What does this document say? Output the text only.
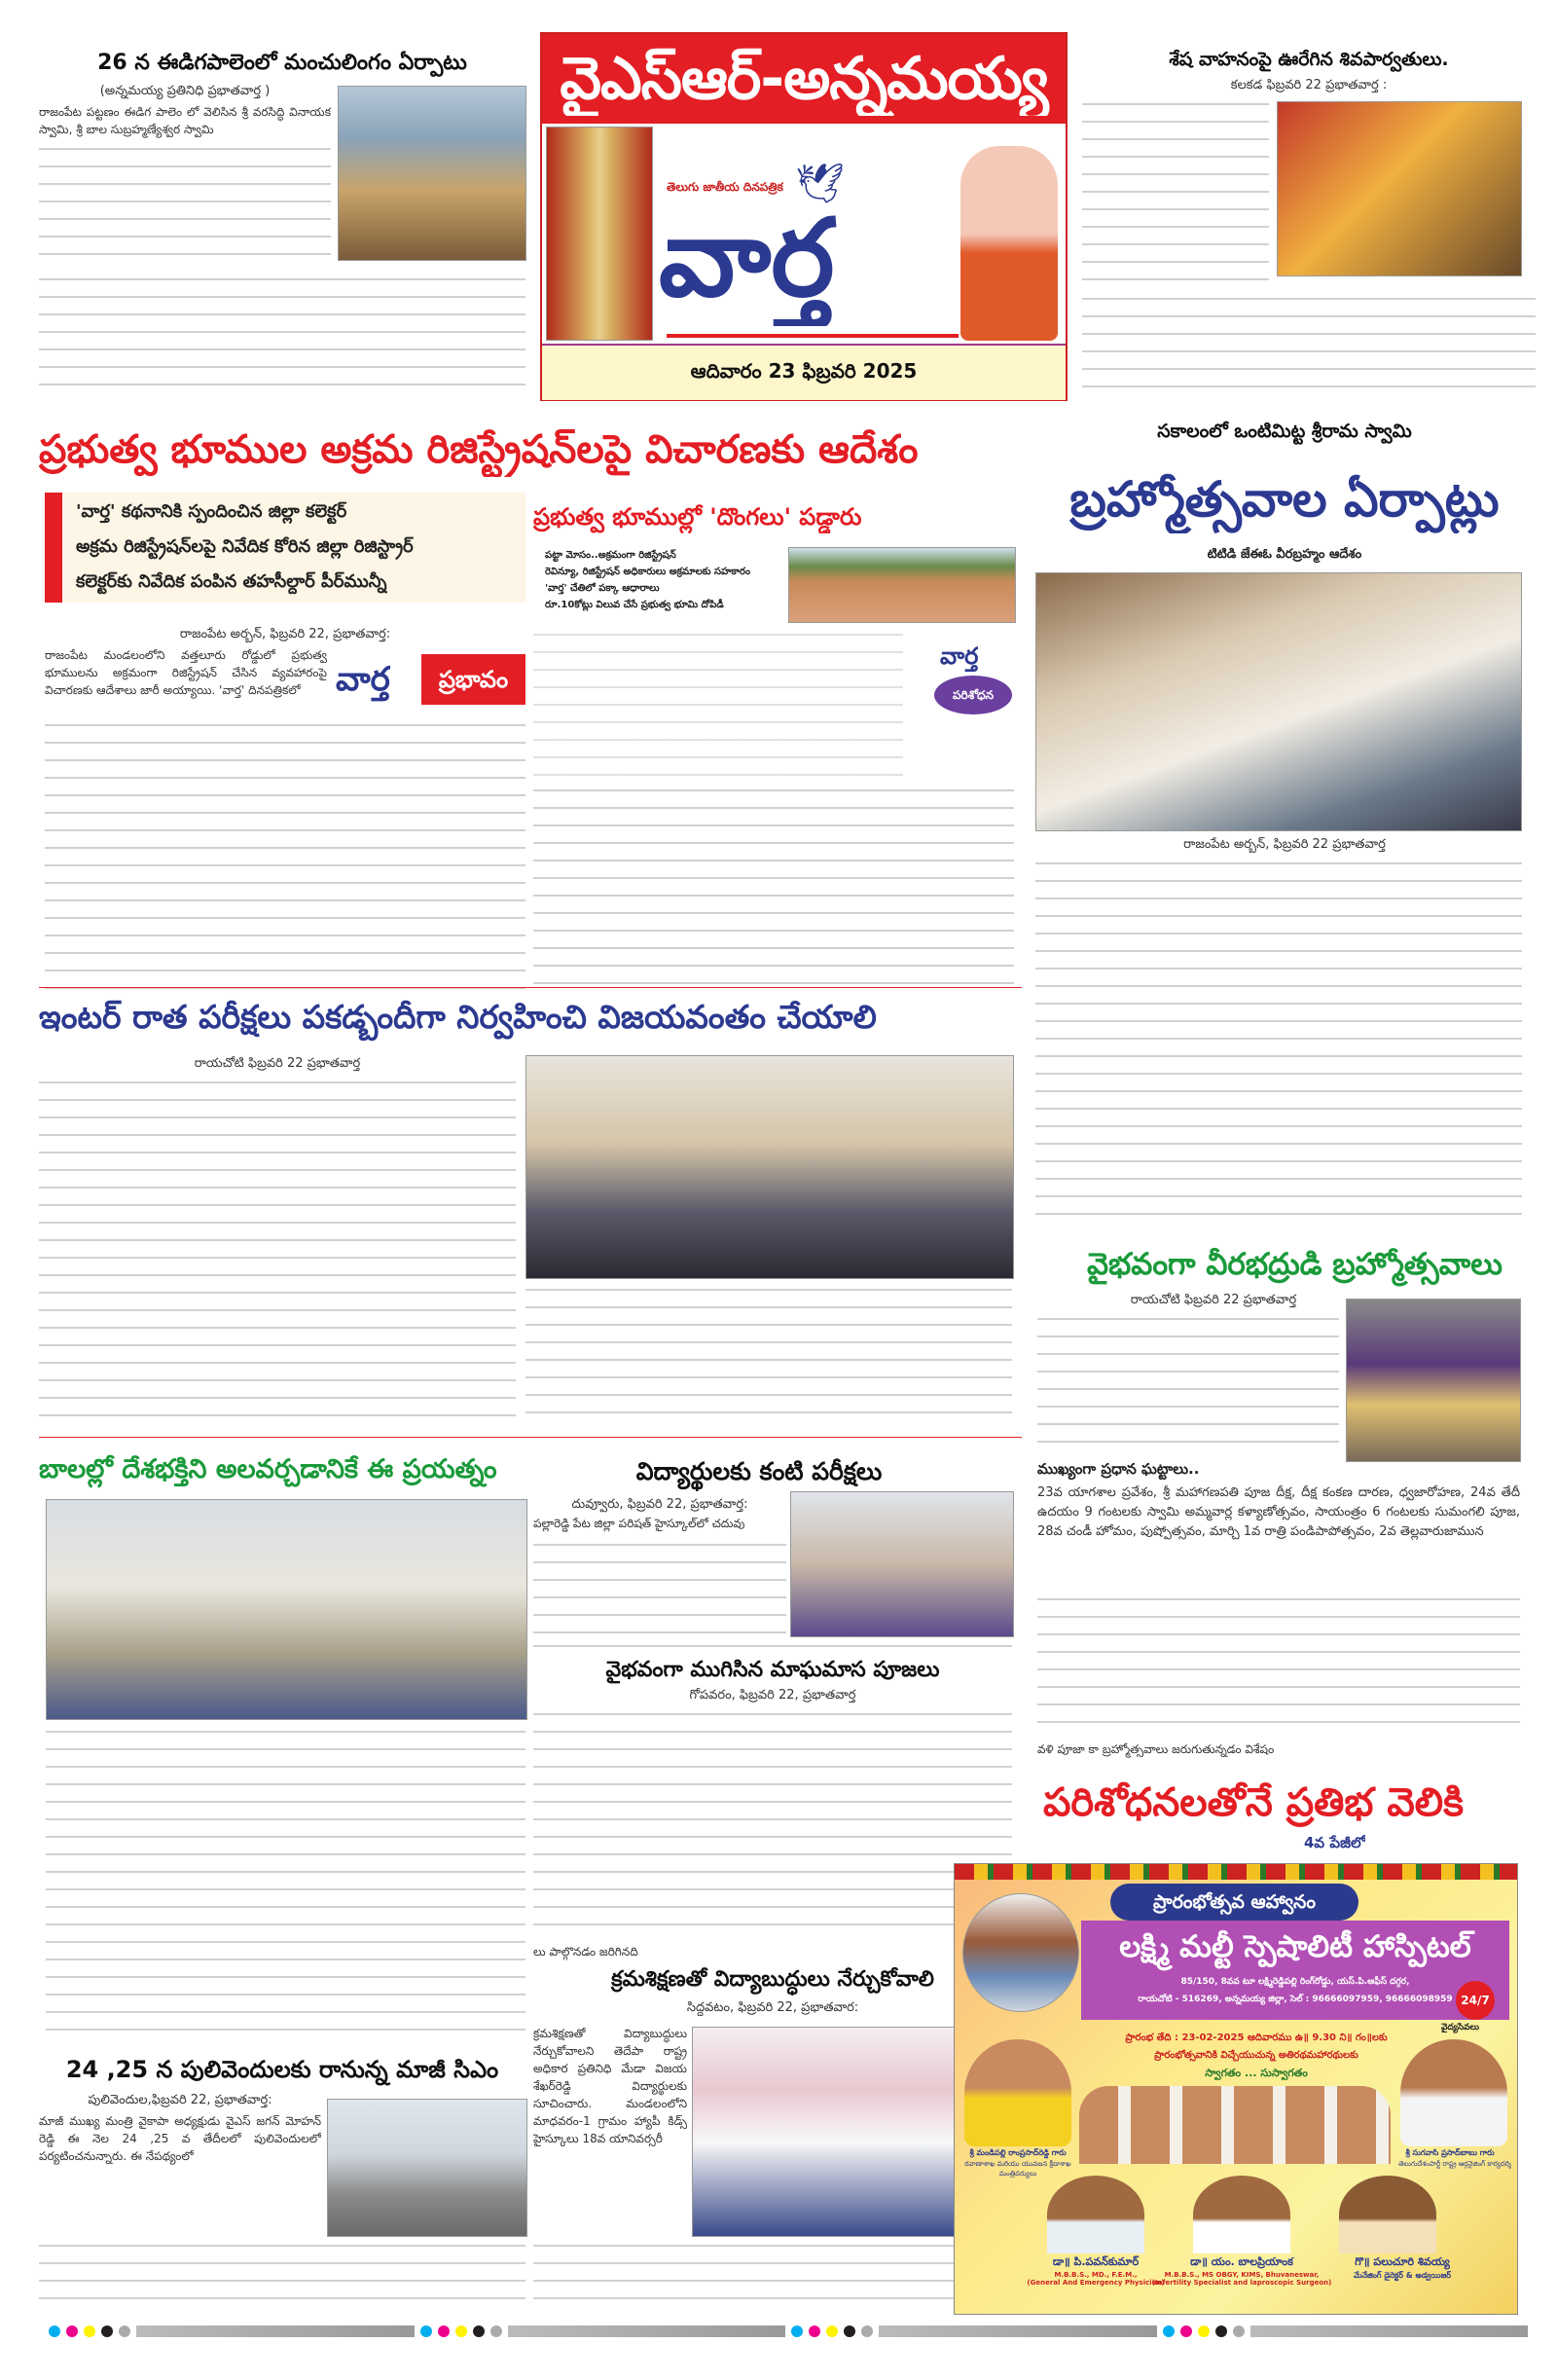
26 న ఈడిగపాలెంలో మంచులింగం ఏర్పాటు
(అన్నమయ్య ప్రతినిధి ప్రభాతవార్త )
రాజంపేట పట్టణం ఈడిగ పాలెం లో వెలిసిన శ్రీ వరసిద్ధి వినాయక స్వామి, శ్రీ బాల సుబ్రహ్మణ్యేశ్వర స్వామి
వైఎస్ఆర్-అన్నమయ్య
తెలుగు జాతీయ దినపత్రిక 🕊
వార్త
ఆదివారం 23 ఫిబ్రవరి 2025
శేష వాహనంపై ఊరేగిన శివపార్వతులు.
కలకడ ఫిబ్రవరి 22 ప్రభాతవార్త :
ప్రభుత్వ భూముల అక్రమ రిజిస్ట్రేషన్‌లపై విచారణకు ఆదేశం
'వార్త' కథనానికి స్పందించిన జిల్లా కలెక్టర్
అక్రమ రిజిస్ట్రేషన్‌లపై నివేదిక కోరిన జిల్లా రిజిస్ట్రార్
కలెక్టర్‌కు నివేదిక పంపిన తహసీల్దార్ పీర్‌మున్నీ
రాజంపేట అర్బన్, ఫిబ్రవరి 22, ప్రభాతవార్త:
రాజంపేట మండలంలోని వత్తలూరు రోడ్డులో ప్రభుత్వ భూములను అక్రమంగా రిజిస్ట్రేషన్ చేసిన వ్యవహారంపై విచారణకు ఆదేశాలు జారీ అయ్యాయి. 'వార్త' దినపత్రికలో	వార్త	ప్రభావం
ప్రభుత్వ భూముల్లో 'దొంగలు' పడ్డారు
పట్టా మోసం..అక్రమంగా రిజిస్ట్రేషన్
రెవిన్యూ, రిజిస్ట్రేషన్ అధికారులు అక్రమాలకు సహకారం
'వార్త' చేతిలో పక్కా ఆధారాలు
రూ.10కోట్లు విలువ చేసే ప్రభుత్వ భూమి దోపిడీ
వార్త
పరిశోధన
సకాలంలో ఒంటిమిట్ట శ్రీరామ స్వామి
బ్రహ్మోత్సవాల ఏర్పాట్లు
టిటిడి జేఈఓ వీరబ్రహ్మం ఆదేశం
రాజంపేట అర్బన్, ఫిబ్రవరి 22 ప్రభాతవార్త
ఇంటర్ రాత పరీక్షలు పకడ్బందీగా నిర్వహించి విజయవంతం చేయాలి
రాయచోటి ఫిబ్రవరి 22 ప్రభాతవార్త
వైభవంగా వీరభద్రుడి బ్రహ్మోత్సవాలు
రాయచోటి ఫిబ్రవరి 22 ప్రభాతవార్త
ముఖ్యంగా ప్రధాన ఘట్టాలు..
23వ యాగశాల ప్రవేశం, శ్రీ మహాగణపతి పూజ దీక్ష, దీక్ష కంకణ దారణ, ధ్వజారోహణ, 24వ తేదీ ఉదయం 9 గంటలకు స్వామి అమ్మవార్ల కళ్యాణోత్సవం, సాయంత్రం 6 గంటలకు సుమంగలి పూజ, 28వ చండీ హోమం, పుష్పోత్సవం, మార్చి 1వ రాత్రి పండిపాపోత్సవం, 2వ తెల్లవారుజామున
వళి పూజా కా బ్రహ్మోత్సవాలు జరుగుతున్నడం విశేషం
బాలల్లో దేశభక్తిని అలవర్చడానికే ఈ ప్రయత్నం	విద్యార్థులకు కంటి పరీక్షలు
దువ్వూరు, ఫిబ్రవరి 22, ప్రభాతవార్త:
పల్లారెడ్డి పేట జిల్లా పరిషత్ హైస్కూల్‌లో చదువు
వైభవంగా ముగిసిన మాఘమాస పూజలు
గోపవరం, ఫిబ్రవరి 22, ప్రభాతవార్త
లు పాల్గొనడం జరిగినది
క్రమశిక్షణతో విద్యాబుద్ధులు నేర్చుకోవాలి
సిద్దవటం, ఫిబ్రవరి 22, ప్రభాతవార:
క్రమశిక్షణతో విద్యాబుద్ధులు నేర్చుకోవాలని తెదేపా రాష్ట్ర అధికార ప్రతినిధి మేడా విజయ శేఖర్‌రెడ్డి విద్యార్థులకు సూచించారు. మండలంలోని మాధవరం-1 గ్రామం హ్యాపీ కిడ్స్ హైస్కూలు 18వ యానివర్సరీ
24 ,25 న పులివెందులకు రానున్న మాజీ సిఎం
పులివెందుల,ఫిబ్రవరి 22, ప్రభాతవార్త:
మాజీ ముఖ్య మంత్రి వైకాపా అధ్యక్షుడు వైఎస్ జగన్ మోహన్ రెడ్డి ఈ నెల 24 ,25 వ తేదీలలో పులివెందులలో పర్యటించనున్నారు. ఈ నేపథ్యంలో
పరిశోధనలతోనే ప్రతిభ వెలికి
4వ పేజీలో
ప్రారంభోత్సవ ఆహ్వానం
లక్ష్మి మల్టీ స్పెషాలిటీ హాస్పిటల్
85/150, 8వవ టూ లక్ష్మిరెడ్డిపల్లి రింగ్‌రోడ్డు, యస్.పి.ఆఫీస్ దగ్గర,
రాయచోటి - 516269, అన్నమయ్య జిల్లా, సెల్ : 9666609795‌9, 9666609895‌9 24/7
వైద్యసేవలు
ప్రారంభ తేది : 23-02-2025 ఆదివారము ఉ॥ 9.30 ని॥ గం॥లకు
ప్రారంభోత్సవానికి విచ్చేయుచున్న అతిరథమహారథులకు
స్వాగతం ... సుస్వాగతం
శ్రీ మండిపల్లి రాంప్రసాద్‌రెడ్డి గారు
రవాణాశాఖ మరియు యువజన క్రీడాశాఖ మంత్రివర్యులు
శ్రీ సుగవాసి ప్రసాద్‌బాబు గారు
తెలుగుదేశంపార్టీ రాష్ట్ర ఆర్గనైజింగ్ కార్యదర్శి
డా॥ పి.పవన్‌కుమార్
M.B.B.S., MD., F.E.M.,
(General And Emergency Physician)
డా॥ యం. బాలప్రియాంక
M.B.B.S., MS OBGY, KIMS, Bhuvaneswar,
(Infertility Specialist and laproscopic Surgeon)
గొ॥ పలుచూరి శివయ్య
మేనేజింగ్ డైరెక్టర్ & అడ్వయిజర్
